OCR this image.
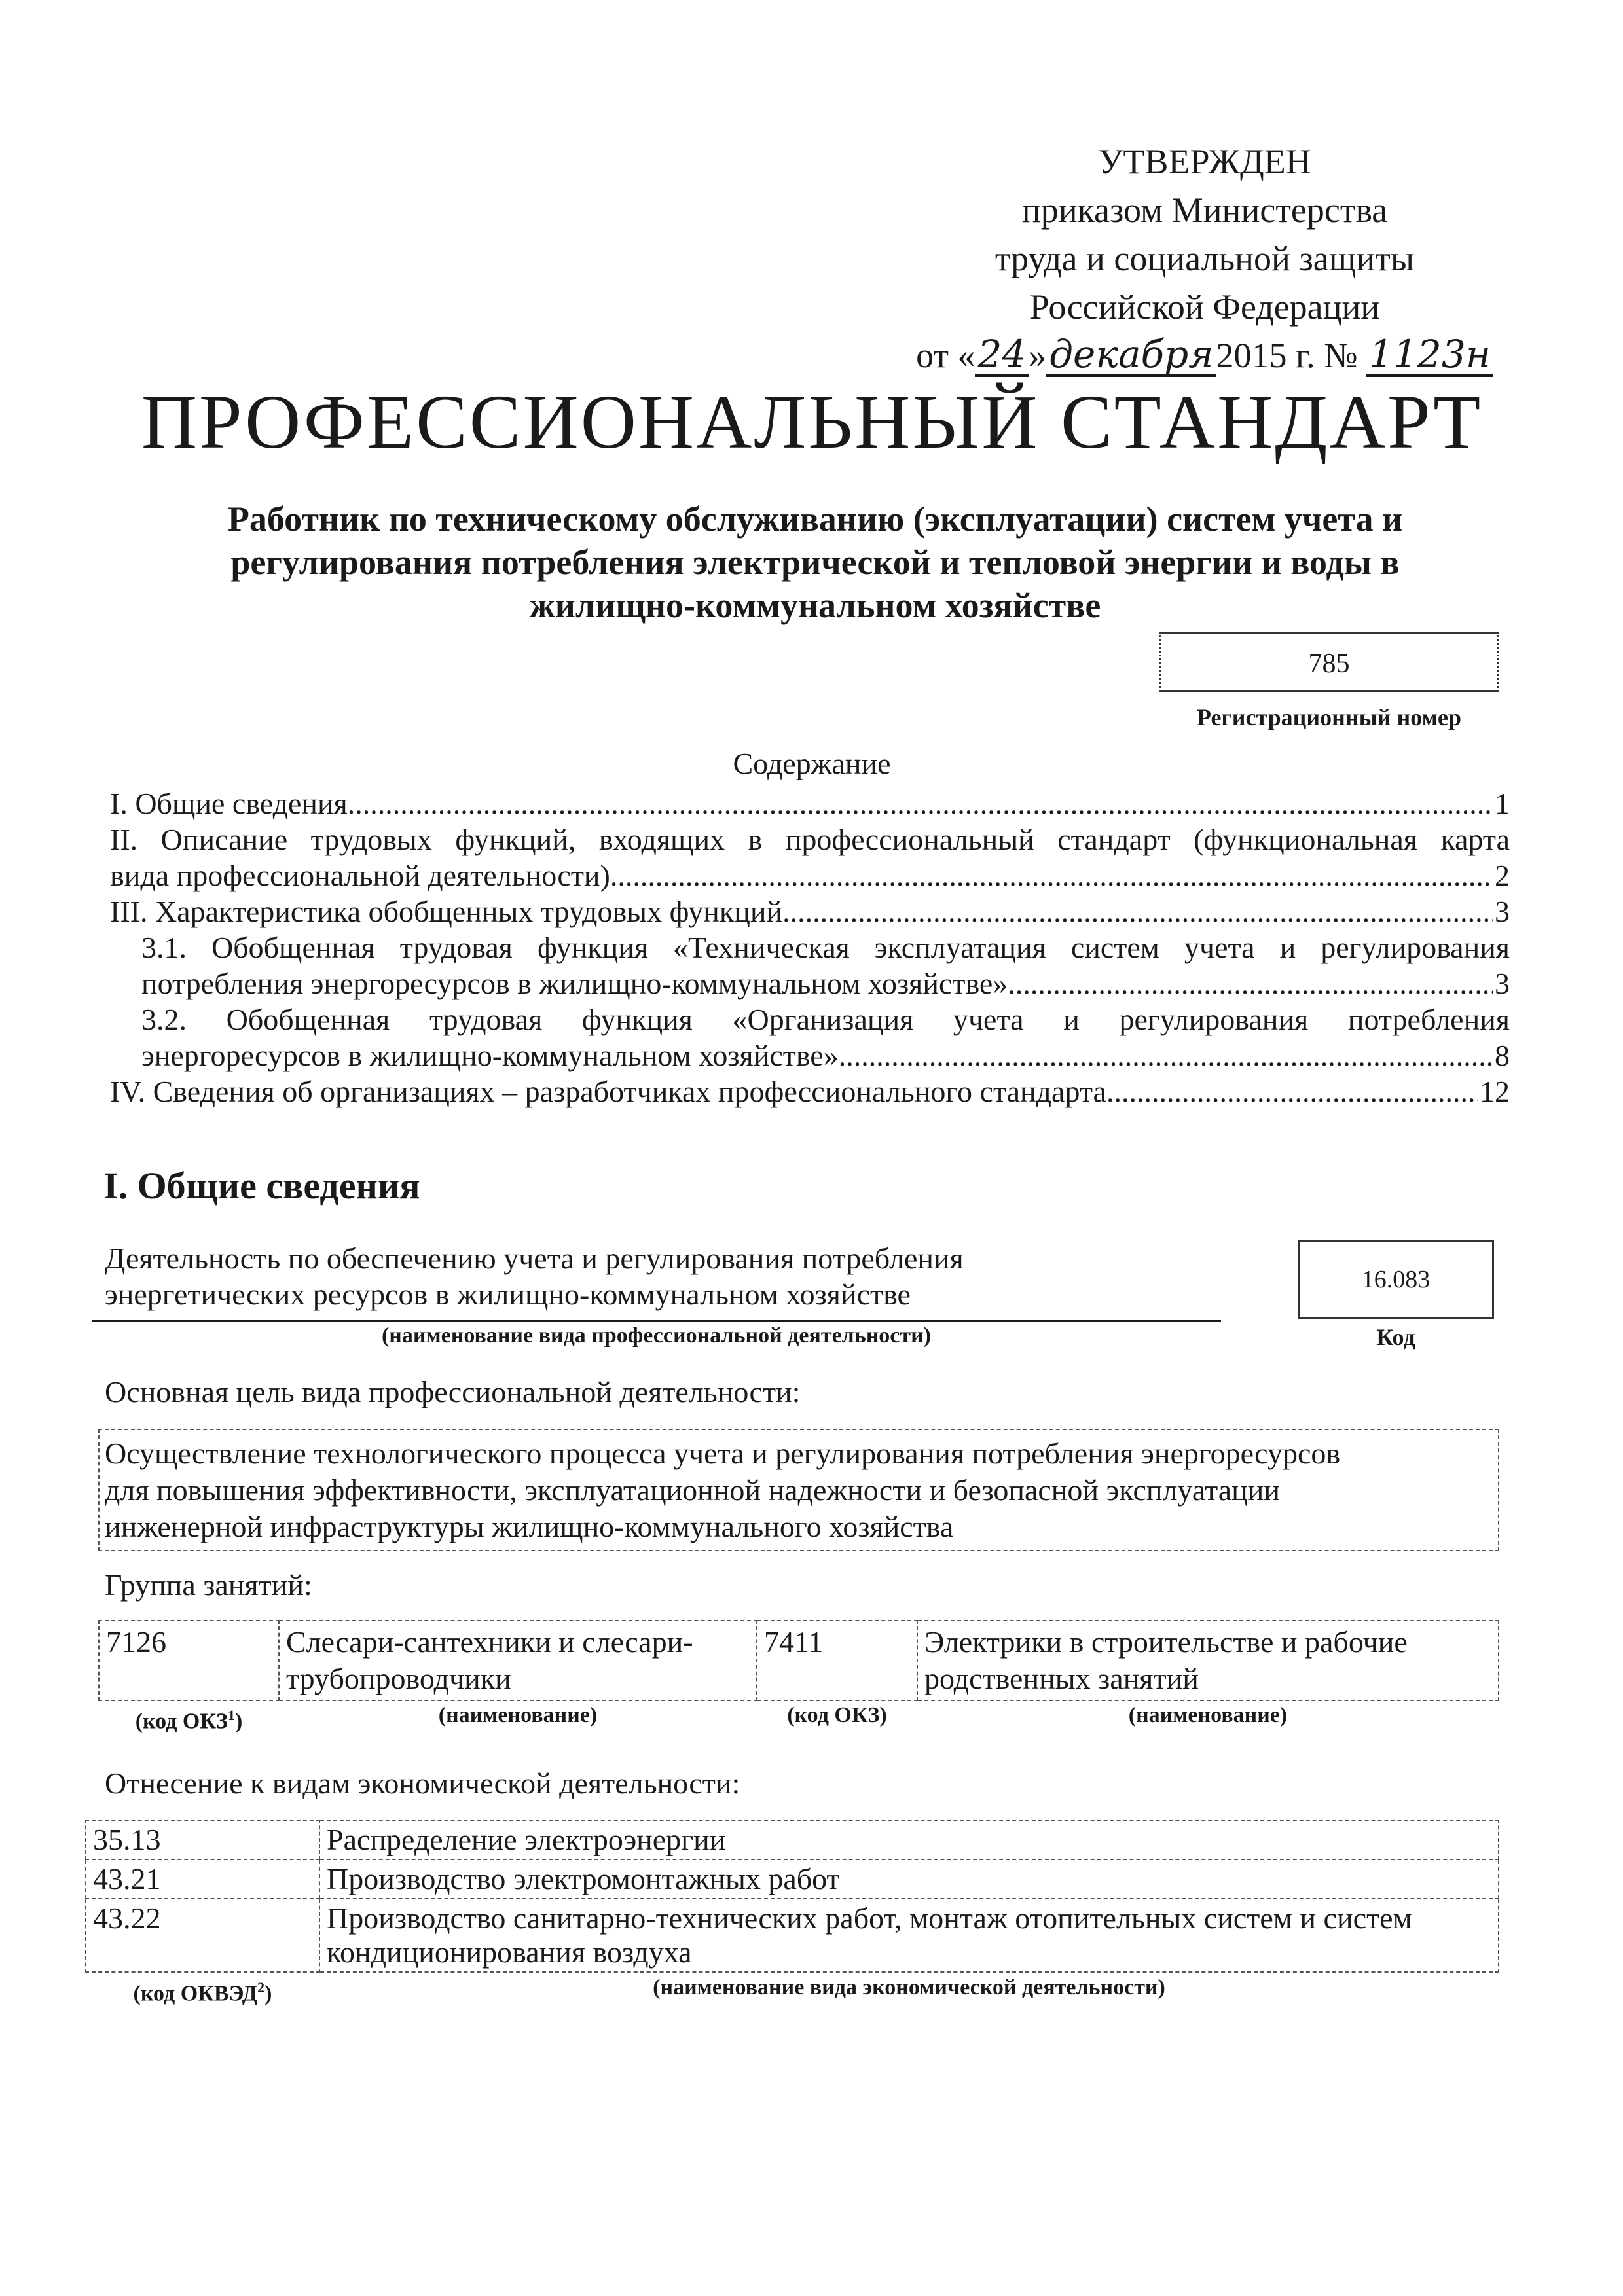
УТВЕРЖДЕН
приказом Министерства
труда и социальной защиты
Российской Федерации
от «24»декабря2015 г. № 1123н
ПРОФЕССИОНАЛЬНЫЙ СТАНДАРТ
Работник по техническому обслуживанию (эксплуатации) систем учета и
регулирования потребления электрической и тепловой энергии и воды в
жилищно-коммунальном хозяйстве
785
Регистрационный номер
Содержание
I. Общие сведения .....	1
II. Описание трудовых функций, входящих в профессиональный стандарт (функциональная карта
вида профессиональной деятельности) .....	2
III. Характеристика обобщенных трудовых функций .....	3
3.1. Обобщенная трудовая функция «Техническая эксплуатация систем учета и регулирования
потребления энергоресурсов в жилищно-коммунальном хозяйстве» .....	3
3.2. Обобщенная трудовая функция «Организация учета и регулирования потребления
энергоресурсов в жилищно-коммунальном хозяйстве» .....	8
IV. Сведения об организациях – разработчиках профессионального стандарта .....	12
I. Общие сведения
Деятельность по обеспечению учета и регулирования потребления
энергетических ресурсов в жилищно-коммунальном хозяйстве
(наименование вида профессиональной деятельности)
16.083
Код
Основная цель вида профессиональной деятельности:
Осуществление технологического процесса учета и регулирования потребления энергоресурсов
для повышения эффективности, эксплуатационной надежности и безопасной эксплуатации
инженерной инфраструктуры жилищно-коммунального хозяйства
Группа занятий:
7126	Слесари-сантехники и слесари-трубопроводчики	7411	Электрики в строительстве и рабочие родственных занятий
(код ОКЗ$^1$)	(наименование)	(код ОКЗ)	(наименование)
Отнесение к видам экономической деятельности:
35.13	Распределение электроэнергии
43.21	Производство электромонтажных работ
43.22	Производство санитарно-технических работ, монтаж отопительных систем и систем кондиционирования воздуха
(код ОКВЭД$^2$)	(наименование вида экономической деятельности)
